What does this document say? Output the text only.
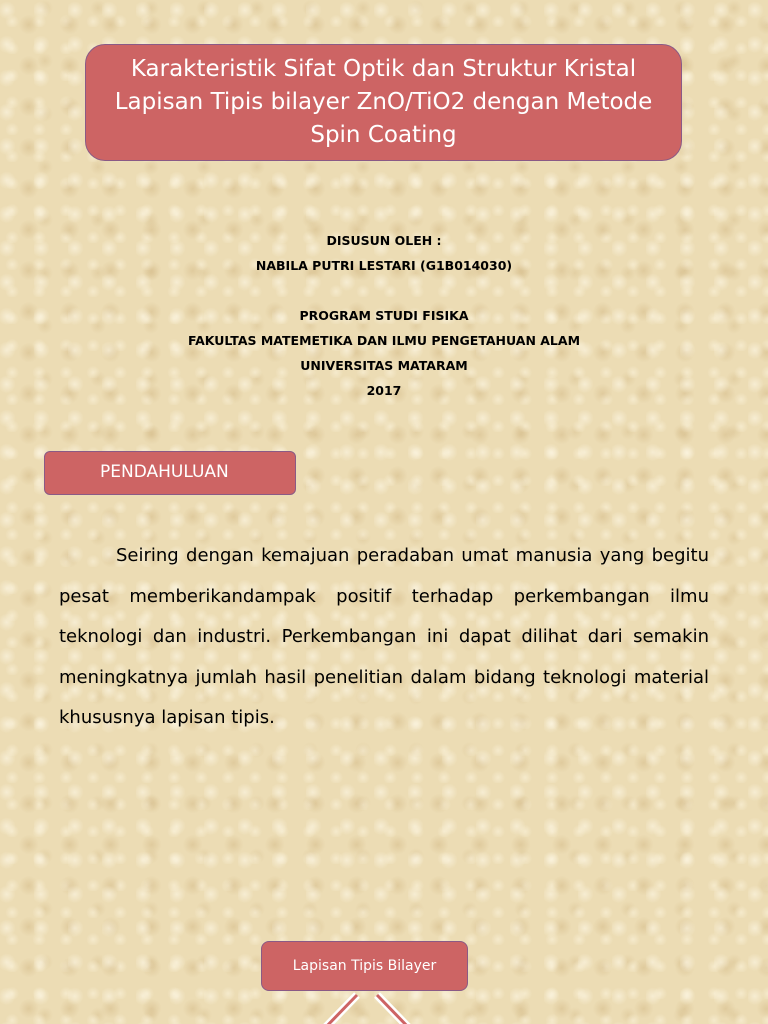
Karakteristik Sifat Optik dan Struktur Kristal Lapisan Tipis bilayer ZnO/TiO2 dengan Metode Spin Coating
DISUSUN OLEH :
NABILA PUTRI LESTARI (G1B014030)
PROGRAM STUDI FISIKA
FAKULTAS MATEMETIKA DAN ILMU PENGETAHUAN ALAM
UNIVERSITAS MATARAM
2017
PENDAHULUAN

Seiring dengan kemajuan peradaban umat manusia yang begitu pesat memberikandampak positif terhadap perkembangan ilmu teknologi dan industri. Perkembangan ini dapat dilihat dari semakin meningkatnya jumlah hasil penelitian dalam bidang teknologi material khususnya lapisan tipis.

Lapisan Tipis Bilayer
